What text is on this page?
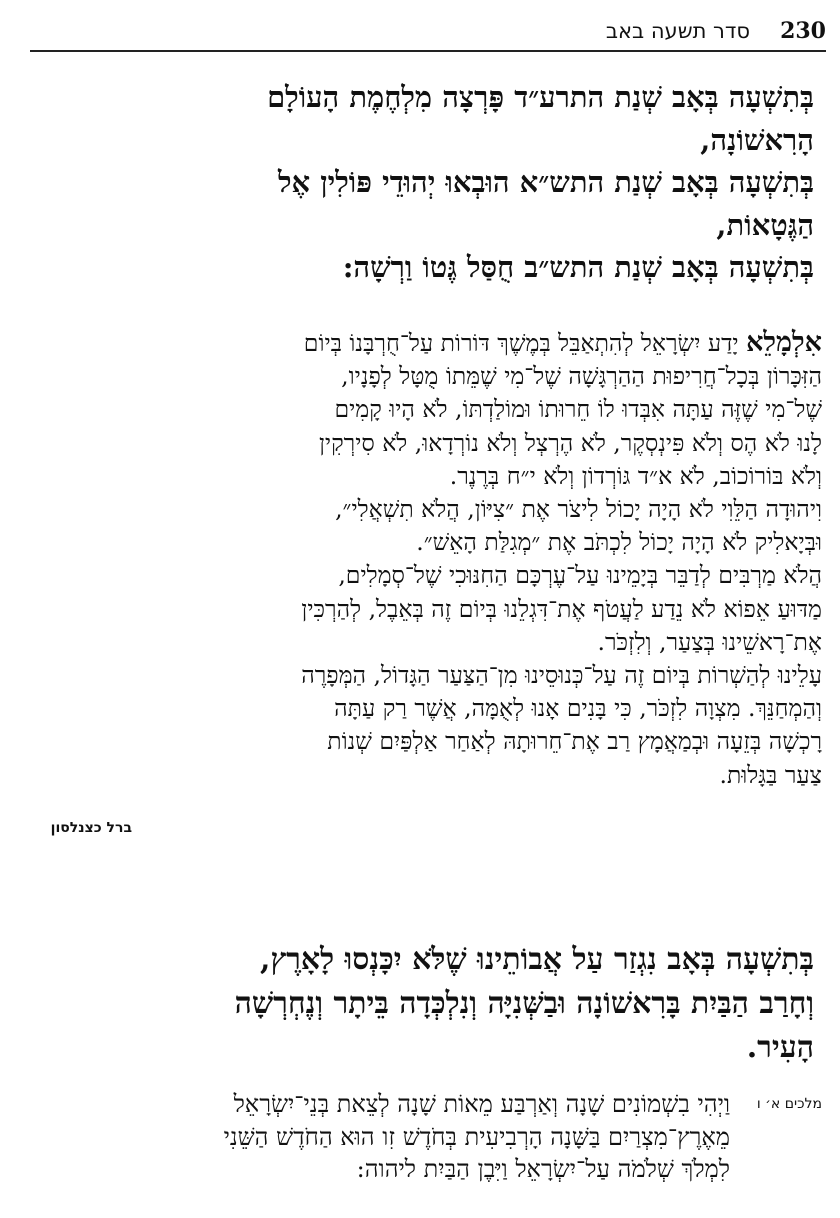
230
סדר תשעה באב
בְּתִשְׁעָה בְּאָב שְׁנַת התרע״ד פָּרְצָה מִלְחֶמֶת הָעוֹלָם
הָרִאשׁוֹנָה,
בְּתִשְׁעָה בְּאָב שְׁנַת התש״א הוּבְאוּ יְהוּדֵי פּוֹלִין אֶל
הַגֶּטָאוֹת,
בְּתִשְׁעָה בְּאָב שְׁנַת התש״ב חֻסַּל גֶּטוֹ וַרְשָׁה:
אִלְמָלֵא יָדַע יִשְׂרָאֵל לְהִתְאַבֵּל בְּמֶשֶׁךְ דּוֹרוֹת עַל־חֻרְבָּנוֹ בְּיוֹם
הַזִּכָּרוֹן בְּכָל־חֲרִיפוּת הַהַרְגָּשָׁה שֶׁל־מִי שֶׁמֵּתוֹ מֻטָּל לְפָנָיו,
שֶׁל־מִי שֶׁזֶּה עַתָּה אִבְּדוּ לוֹ חֵרוּתוֹ וּמוֹלַדְתּוֹ, לֹא הָיוּ קָמִים
לָנוּ לֹא הֶס וְלֹא פִּינְסְקֶר, לֹא הֶרְצְל וְלֹא נוֹרְדָאוּ, לֹא סִירְקִין
וְלֹא בּוֹרוֹכוֹב, לֹא א״ד גּוֹרְדוֹן וְלֹא י״ח בְּרֶנֶר.
וִיהוּדָה הַלֵּוִי לֹא הָיָה יָכוֹל לִיצֹר אֶת ״צִיּוֹן, הֲלֹא תִשְׁאֲלִי״,
וּבְּיָאלִיק לֹא הָיָה יָכוֹל לִכְתֹּב אֶת ״מְגִלַּת הָאֵשׁ״.
הֲלֹא מַרְבִּים לְדַבֵּר בְּיָמֵינוּ עַל־עֶרְכָּם הַחִנּוּכִי שֶׁל־סְמָלִים,
מַדּוּעַ אֵפוֹא לֹא נֵדַע לַעֲטֹף אֶת־דִּגְלֵנוּ בְּיוֹם זֶה בְּאֵבֶל, לְהַרְכִּין
אֶת־רָאשֵׁינוּ בְּצַעַר, וְלִזְכֹּר.
עָלֵינוּ לְהַשְׁרוֹת בְּיוֹם זֶה עַל־כְּנוּסֵינוּ מִן־הַצַּעַר הַגָּדוֹל, הַמְּפָרֶה
וְהַמְחַנֵּךְ. מִצְוָה לִזְכֹּר, כִּי בָּנִים אָנוּ לְאֻמָּה, אֲשֶׁר רַק עַתָּה
רָכְשָׁה בְּזֵעָה וּבְמַאֲמָץ רַב אֶת־חֵרוּתָהּ לְאַחַר אַלְפַּיִם שְׁנוֹת
צַעַר בַּגָּלוּת.
ברל כצנלסון
בְּתִשְׁעָה בְּאָב נִגְזַר עַל אֲבוֹתֵינוּ שֶׁלֹּא יִכָּנְסוּ לָאָרֶץ,
וְחָרַב הַבַּיִת בָּרִאשׁוֹנָה וּבַשְּׁנִיָּה וְנִלְכְּדָה בֵּיתָר וְנֶחְרְשָׁה
הָעִיר.
מלכים א׳ ו
וַיְהִי בִשְׁמוֹנִים שָׁנָה וְאַרְבַּע מֵאוֹת שָׁנָה לְצֵאת בְּנֵי־יִשְׂרָאֵל
מֵאֶרֶץ־מִצְרַיִם בַּשָּׁנָה הָרְבִיעִית בְּחֹדֶשׁ זִו הוּא הַחֹדֶשׁ הַשֵּׁנִי
לִמְלֹךְ שְׁלֹמֹה עַל־יִשְׂרָאֵל וַיִּבֶן הַבַּיִת ליהוה:
